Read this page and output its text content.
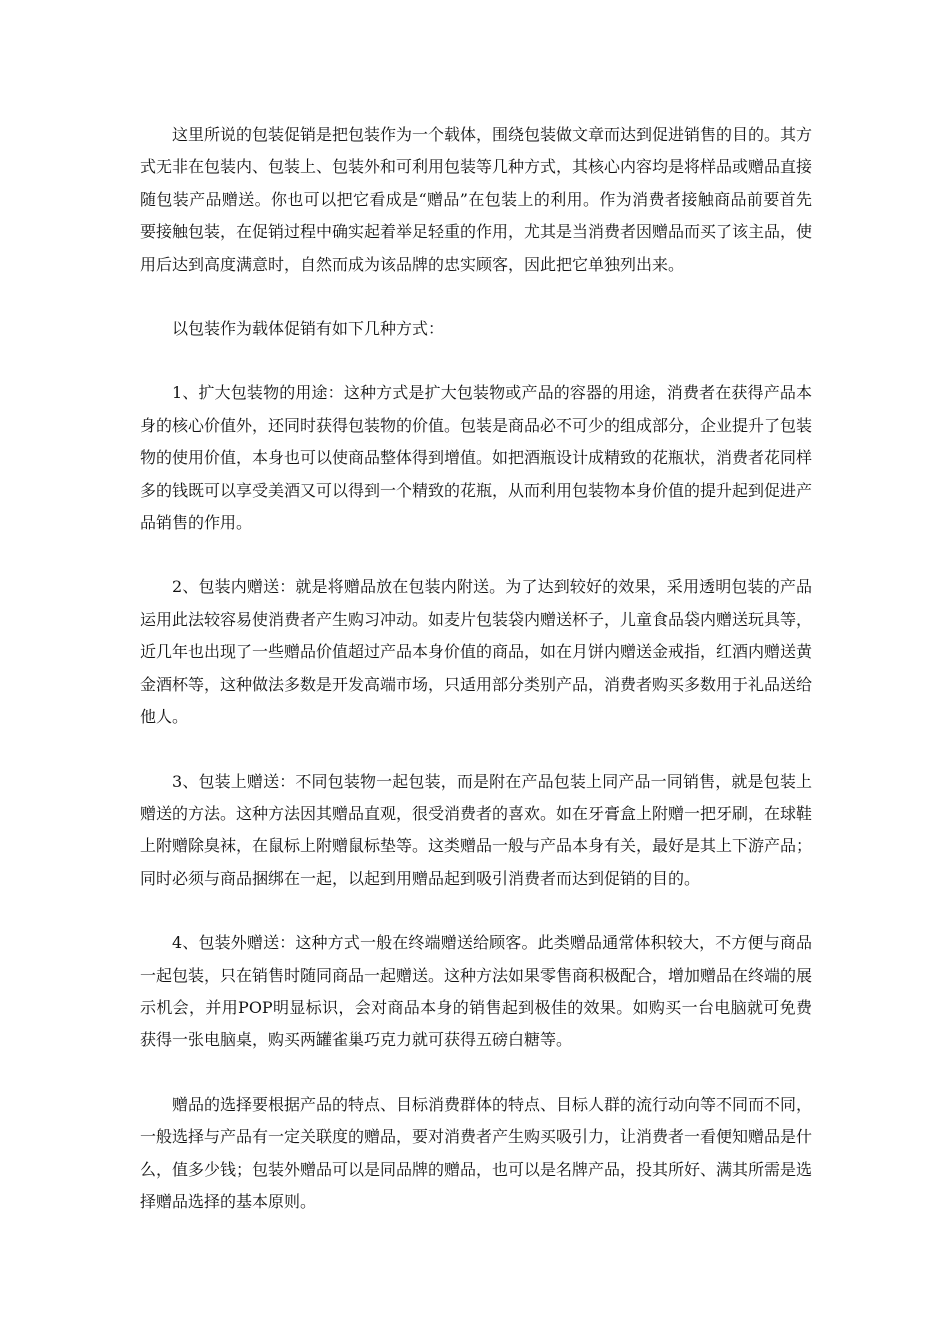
这里所说的包装促销是把包装作为一个载体，围绕包装做文章而达到促进销售的目的。其方式无非在包装内、包装上、包装外和可利用包装等几种方式，其核心内容均是将样品或赠品直接随包装产品赠送。你也可以把它看成是“赠品”在包装上的利用。作为消费者接触商品前要首先要接触包装，在促销过程中确实起着举足轻重的作用，尤其是当消费者因赠品而买了该主品，使用后达到高度满意时，自然而成为该品牌的忠实顾客，因此把它单独列出来。

以包装作为载体促销有如下几种方式：

1、扩大包装物的用途：这种方式是扩大包装物或产品的容器的用途，消费者在获得产品本身的核心价值外，还同时获得包装物的价值。包装是商品必不可少的组成部分，企业提升了包装物的使用价值，本身也可以使商品整体得到增值。如把酒瓶设计成精致的花瓶状，消费者花同样多的钱既可以享受美酒又可以得到一个精致的花瓶，从而利用包装物本身价值的提升起到促进产品销售的作用。

2、包装内赠送：就是将赠品放在包装内附送。为了达到较好的效果，采用透明包装的产品运用此法较容易使消费者产生购习冲动。如麦片包装袋内赠送杯子，儿童食品袋内赠送玩具等，近几年也出现了一些赠品价值超过产品本身价值的商品，如在月饼内赠送金戒指，红酒内赠送黄金酒杯等，这种做法多数是开发高端市场，只适用部分类别产品，消费者购买多数用于礼品送给他人。

3、包装上赠送：不同包装物一起包装，而是附在产品包装上同产品一同销售，就是包装上赠送的方法。这种方法因其赠品直观，很受消费者的喜欢。如在牙膏盒上附赠一把牙刷，在球鞋上附赠除臭袜，在鼠标上附赠鼠标垫等。这类赠品一般与产品本身有关，最好是其上下游产品；同时必须与商品捆绑在一起，以起到用赠品起到吸引消费者而达到促销的目的。

4、包装外赠送：这种方式一般在终端赠送给顾客。此类赠品通常体积较大，不方便与商品一起包装，只在销售时随同商品一起赠送。这种方法如果零售商积极配合，增加赠品在终端的展示机会，并用POP明显标识，会对商品本身的销售起到极佳的效果。如购买一台电脑就可免费获得一张电脑桌，购买两罐雀巢巧克力就可获得五磅白糖等。

赠品的选择要根据产品的特点、目标消费群体的特点、目标人群的流行动向等不同而不同，一般选择与产品有一定关联度的赠品，要对消费者产生购买吸引力，让消费者一看便知赠品是什么，值多少钱；包装外赠品可以是同品牌的赠品，也可以是名牌产品，投其所好、满其所需是选择赠品选择的基本原则。
